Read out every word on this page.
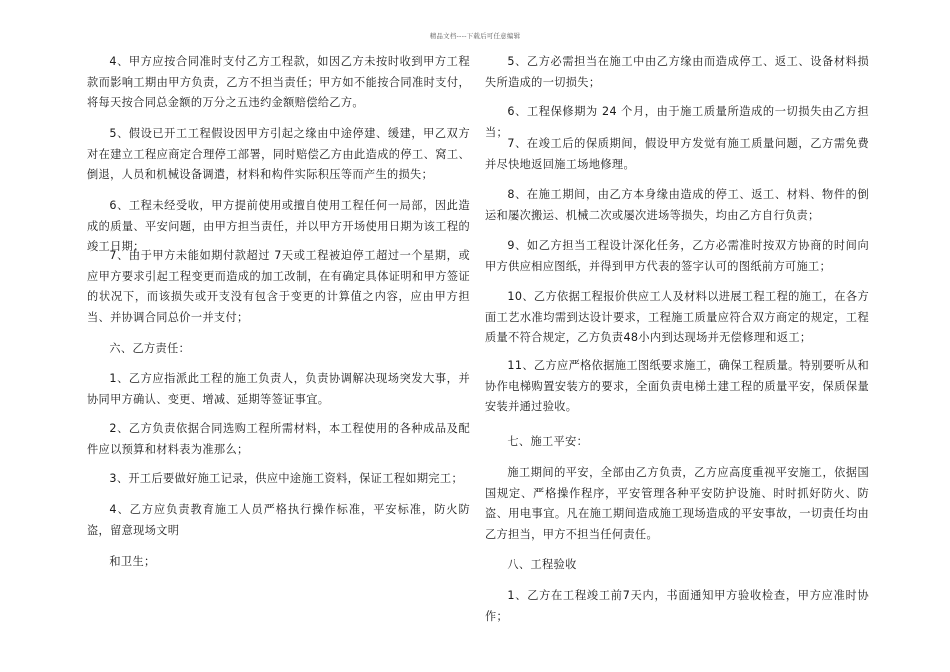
精品文档----下载后可任意编辑

4、甲方应按合同准时支付乙方工程款，如因乙方未按时收到甲方工程款而影响工期由甲方负责，乙方不担当责任；甲方如不能按合同准时支付，将每天按合同总金额的万分之五违约金额赔偿给乙方。

5、假设已开工工程假设因甲方引起之缘由中途停建、缓建，甲乙双方对在建立工程应商定合理停工部署，同时赔偿乙方由此造成的停工、窝工、倒退，人员和机械设备调遣，材料和构件实际积压等而产生的损失；

6、工程未经受收，甲方提前使用或擅自使用工程任何一局部，因此造成的质量、平安问题，由甲方担当责任，并以甲方开场使用日期为该工程的竣工日期；

7、由于甲方未能如期付款超过 7天或工程被迫停工超过一个星期，或应甲方要求引起工程变更而造成的加工改制，在有确定具体证明和甲方签证的状况下，而该损失或开支没有包含于变更的计算值之内容，应由甲方担当、并协调合同总价一并支付；

六、乙方责任：

1、乙方应指派此工程的施工负责人，负责协调解决现场突发大事，并协同甲方确认、变更、增减、延期等签证事宜。

2、乙方负责依据合同选购工程所需材料，本工程使用的各种成品及配件应以预算和材料表为准那么；

3、开工后要做好施工记录，供应中途施工资料，保证工程如期完工；

4、乙方应负责教育施工人员严格执行操作标准，平安标准，防火防盗，留意现场文明

和卫生；

5、乙方必需担当在施工中由乙方缘由而造成停工、返工、设备材料损失所造成的一切损失；

6、工程保修期为 24 个月，由于施工质量所造成的一切损失由乙方担当；

7、在竣工后的保质期间，假设甲方发觉有施工质量问题，乙方需免费并尽快地返回施工场地修理。

8、在施工期间，由乙方本身缘由造成的停工、返工、材料、物件的倒运和屡次搬运、机械二次或屡次进场等损失，均由乙方自行负责；

9、如乙方担当工程设计深化任务，乙方必需准时按双方协商的时间向甲方供应相应图纸，并得到甲方代表的签字认可的图纸前方可施工；

10、乙方依据工程报价供应工人及材料以进展工程工程的施工，在各方面工艺水准均需到达设计要求，工程施工质量应符合双方商定的规定，工程质量不符合规定，乙方负责48小内到达现场并无偿修理和返工；

11、乙方应严格依据施工图纸要求施工，确保工程质量。特别要听从和协作电梯购置安装方的要求，全面负责电梯土建工程的质量平安，保质保量安装并通过验收。

七、施工平安：

施工期间的平安，全部由乙方负责，乙方应高度重视平安施工，依据国国规定、严格操作程序，平安管理各种平安防护设施、时时抓好防火、防盗、用电事宜。凡在施工期间造成施工现场造成的平安事故，一切责任均由乙方担当，甲方不担当任何责任。

八、工程验收

1、乙方在工程竣工前7天内，书面通知甲方验收检查，甲方应准时协作；
